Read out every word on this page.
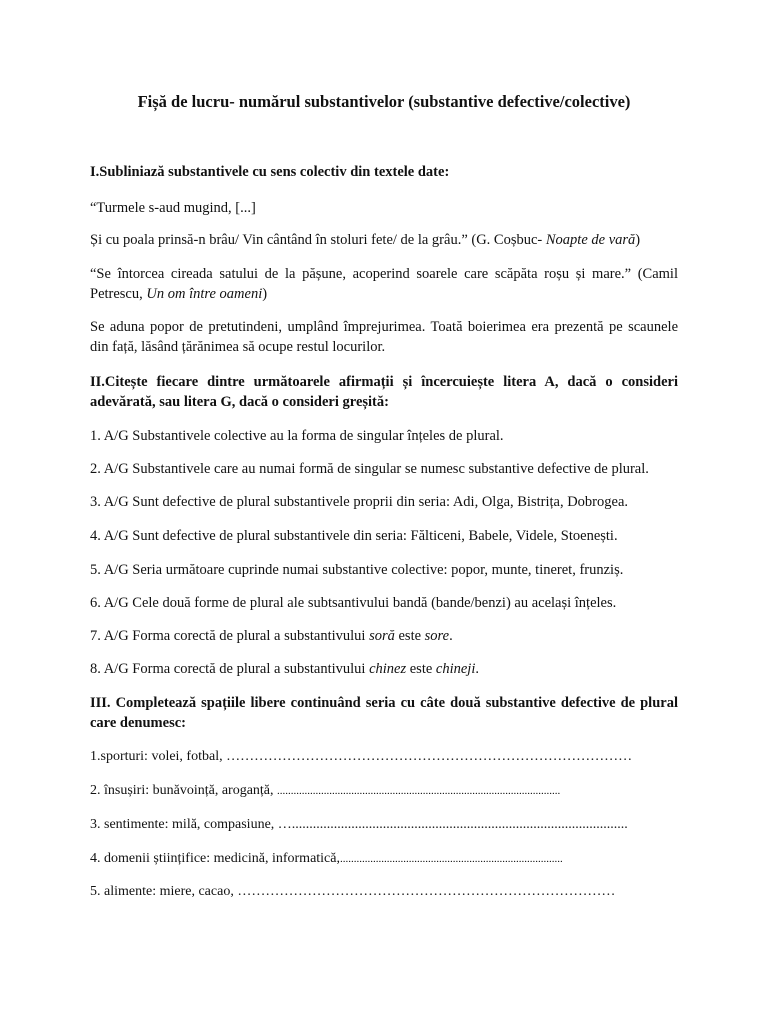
Fișă de lucru- numărul substantivelor (substantive defective/colective)
I.Subliniază substantivele cu sens colectiv din textele date:
“Turmele s-aud mugind, [...]
Și cu poala prinsă-n brâu/ Vin cântând în stoluri fete/ de la grâu.” (G. Coșbuc- Noapte de vară)
“Se întorcea cireada satului de la pășune, acoperind soarele care scăpăta roșu și mare.” (Camil Petrescu, Un om între oameni)
Se aduna popor de pretutindeni, umplând împrejurimea. Toată boierimea era prezentă pe scaunele din față, lăsând țărănimea să ocupe restul locurilor.
II.Citește fiecare dintre următoarele afirmații și încercuiește litera A, dacă o consideri adevărată, sau litera G, dacă o consideri greșită:
1. A/G Substantivele colective au la forma de singular înțeles de plural.
2. A/G Substantivele care au numai formă de singular se numesc substantive defective de plural.
3. A/G Sunt defective de plural substantivele proprii din seria: Adi, Olga, Bistrița, Dobrogea.
4. A/G Sunt defective de plural substantivele din seria: Fălticeni, Babele, Videle, Stoenești.
5. A/G Seria următoare cuprinde numai substantive colective: popor, munte, tineret, frunziș.
6. A/G Cele două forme de plural ale subtsantivului bandă (bande/benzi) au același înțeles.
7. A/G Forma corectă de plural a substantivului soră este sore.
8. A/G Forma corectă de plural a substantivului chinez este chineji.
III. Completează spațiile libere continuând seria cu câte două substantive defective de plural care denumesc:
1.sporturi: volei, fotbal, ……………………………………………………………………………
2. însușiri: bunăvoință, aroganță, .......................................................................................................
3. sentimente: milă, compasiune, …................................................................................................
4. domenii științifice: medicină, informatică,.................................................................................
5. alimente: miere, cacao, ………………………………………………………………………
